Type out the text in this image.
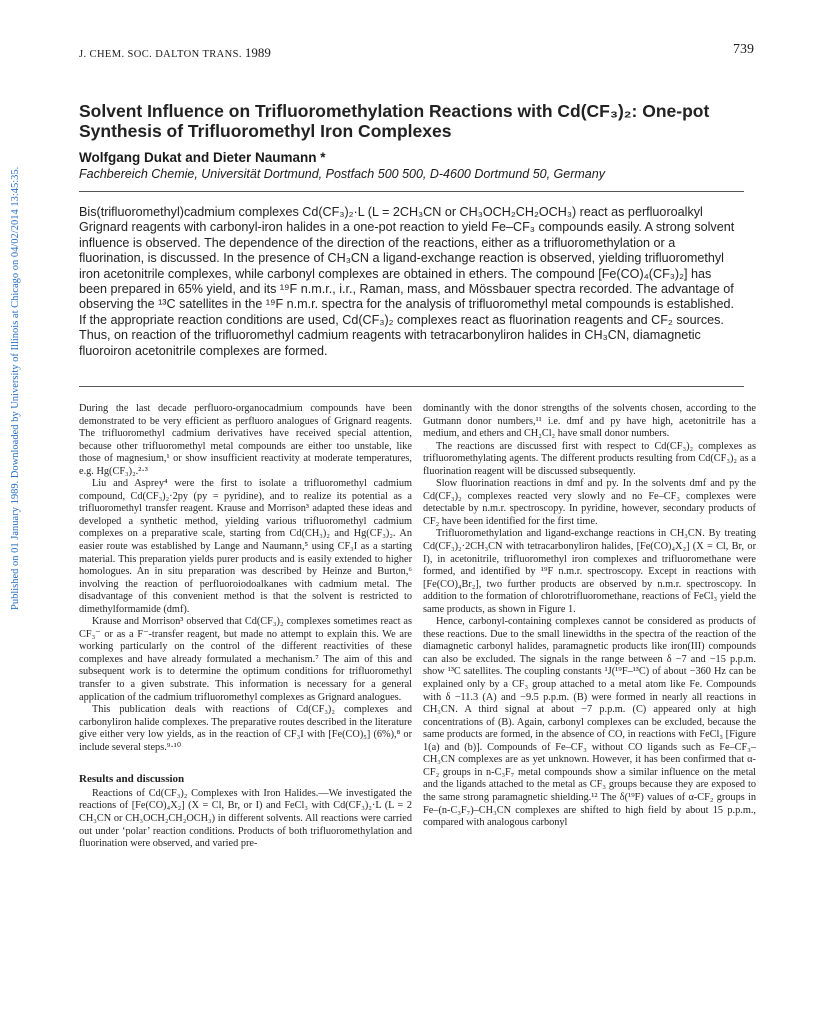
Published on 01 January 1989. Downloaded by University of Illinois at Chicago on 04/02/2014 13:45:35.
J. CHEM. SOC. DALTON TRANS. 1989	739
Solvent Influence on Trifluoromethylation Reactions with Cd(CF₃)₂: One-pot Synthesis of Trifluoromethyl Iron Complexes
Wolfgang Dukat and Dieter Naumann *
Fachbereich Chemie, Universität Dortmund, Postfach 500 500, D-4600 Dortmund 50, Germany
Bis(trifluoromethyl)cadmium complexes Cd(CF₃)₂·L (L = 2CH₃CN or CH₃OCH₂CH₂OCH₃) react as perfluoroalkyl Grignard reagents with carbonyl-iron halides in a one-pot reaction to yield Fe–CF₃ compounds easily. A strong solvent influence is observed. The dependence of the direction of the reactions, either as a trifluoromethylation or a fluorination, is discussed. In the presence of CH₃CN a ligand-exchange reaction is observed, yielding trifluoromethyl iron acetonitrile complexes, while carbonyl complexes are obtained in ethers. The compound [Fe(CO)₄(CF₃)₂] has been prepared in 65% yield, and its ¹⁹F n.m.r., i.r., Raman, mass, and Mössbauer spectra recorded. The advantage of observing the ¹³C satellites in the ¹⁹F n.m.r. spectra for the analysis of trifluoromethyl metal compounds is established. If the appropriate reaction conditions are used, Cd(CF₃)₂ complexes react as fluorination reagents and CF₂ sources. Thus, on reaction of the trifluoromethyl cadmium reagents with tetracarbonyliron halides in CH₃CN, diamagnetic fluoroiron acetonitrile complexes are formed.

During the last decade perfluoro-organocadmium compounds have been demonstrated to be very efficient as perfluoro analogues of Grignard reagents. The trifluoromethyl cadmium derivatives have received special attention, because other trifluoromethyl metal compounds are either too unstable, like those of magnesium,¹ or show insufficient reactivity at moderate temperatures, e.g. Hg(CF₃)₂.²·³

Liu and Asprey⁴ were the first to isolate a trifluoromethyl cadmium compound, Cd(CF₃)₂·2py (py = pyridine), and to realize its potential as a trifluoromethyl transfer reagent. Krause and Morrison³ adapted these ideas and developed a synthetic method, yielding various trifluoromethyl cadmium complexes on a preparative scale, starting from Cd(CH₃)₂ and Hg(CF₃)₂. An easier route was established by Lange and Naumann,⁵ using CF₃I as a starting material. This preparation yields purer products and is easily extended to higher homologues. An in situ preparation was described by Heinze and Burton,⁶ involving the reaction of perfluoroiodoalkanes with cadmium metal. The disadvantage of this convenient method is that the solvent is restricted to dimethylformamide (dmf).

Krause and Morrison³ observed that Cd(CF₃)₂ complexes sometimes react as CF₃⁻ or as a F⁻-transfer reagent, but made no attempt to explain this. We are working particularly on the control of the different reactivities of these complexes and have already formulated a mechanism.⁷ The aim of this and subsequent work is to determine the optimum conditions for trifluoromethyl transfer to a given substrate. This information is necessary for a general application of the cadmium trifluoromethyl complexes as Grignard analogues.

This publication deals with reactions of Cd(CF₃)₂ complexes and carbonyliron halide complexes. The preparative routes described in the literature give either very low yields, as in the reaction of CF₃I with [Fe(CO)₅] (6%),⁸ or include several steps.⁹·¹⁰

Results and discussion

Reactions of Cd(CF₃)₂ Complexes with Iron Halides.—We investigated the reactions of [Fe(CO)₄X₂] (X = Cl, Br, or I) and FeCl₃ with Cd(CF₃)₂·L (L = 2 CH₃CN or CH₃OCH₂CH₂OCH₃) in different solvents. All reactions were carried out under ‘polar’ reaction conditions. Products of both trifluoromethylation and fluorination were observed, and varied pre-

dominantly with the donor strengths of the solvents chosen, according to the Gutmann donor numbers,¹¹ i.e. dmf and py have high, acetonitrile has a medium, and ethers and CH₂Cl₂ have small donor numbers.

The reactions are discussed first with respect to Cd(CF₃)₂ complexes as trifluoromethylating agents. The different products resulting from Cd(CF₃)₂ as a fluorination reagent will be discussed subsequently.

Slow fluorination reactions in dmf and py. In the solvents dmf and py the Cd(CF₃)₂ complexes reacted very slowly and no Fe–CF₃ complexes were detectable by n.m.r. spectroscopy. In pyridine, however, secondary products of CF₂ have been identified for the first time.

Trifluoromethylation and ligand-exchange reactions in CH₃CN. By treating Cd(CF₃)₂·2CH₃CN with tetracarbonyliron halides, [Fe(CO)₄X₂] (X = Cl, Br, or I), in acetonitrile, trifluoromethyl iron complexes and trifluoromethane were formed, and identified by ¹⁹F n.m.r. spectroscopy. Except in reactions with [Fe(CO)₄Br₂], two further products are observed by n.m.r. spectroscopy. In addition to the formation of chlorotrifluoromethane, reactions of FeCl₃ yield the same products, as shown in Figure 1.

Hence, carbonyl-containing complexes cannot be considered as products of these reactions. Due to the small linewidths in the spectra of the reaction of the diamagnetic carbonyl halides, paramagnetic products like iron(III) compounds can also be excluded. The signals in the range between δ −7 and −15 p.p.m. show ¹³C satellites. The coupling constants ¹J(¹⁹F–¹³C) of about −360 Hz can be explained only by a CF₃ group attached to a metal atom like Fe. Compounds with δ −11.3 (A) and −9.5 p.p.m. (B) were formed in nearly all reactions in CH₃CN. A third signal at about −7 p.p.m. (C) appeared only at high concentrations of (B). Again, carbonyl complexes can be excluded, because the same products are formed, in the absence of CO, in reactions with FeCl₃ [Figure 1(a) and (b)]. Compounds of Fe–CF₃ without CO ligands such as Fe–CF₃–CH₃CN complexes are as yet unknown. However, it has been confirmed that α-CF₂ groups in n-C₃F₇ metal compounds show a similar influence on the metal and the ligands attached to the metal as CF₃ groups because they are exposed to the same strong paramagnetic shielding.¹² The δ(¹⁹F) values of α-CF₂ groups in Fe–(n-C₃F₇)–CH₃CN complexes are shifted to high field by about 15 p.p.m., compared with analogous carbonyl
